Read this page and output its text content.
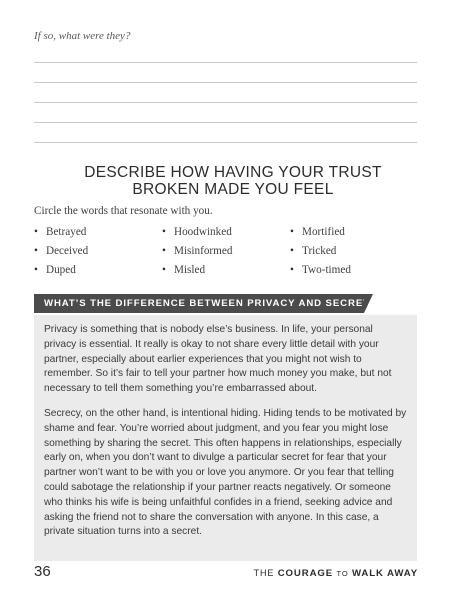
If so, what were they?
DESCRIBE HOW HAVING YOUR TRUST
BROKEN MADE YOU FEEL
Circle the words that resonate with you.
• Betrayed	• Hoodwinked	• Mortified
• Deceived	• Misinformed	• Tricked
• Duped	• Misled	• Two-timed
WHAT’S THE DIFFERENCE BETWEEN PRIVACY AND SECRETS?

Privacy is something that is nobody else’s business. In life, your personal privacy is essential. It really is okay to not share every little detail with your partner, especially about earlier experiences that you might not wish to remember. So it’s fair to tell your partner how much money you make, but not necessary to tell them something you’re embarrassed about.

Secrecy, on the other hand, is intentional hiding. Hiding tends to be motivated by shame and fear. You’re worried about judgment, and you fear you might lose something by sharing the secret. This often happens in relationships, especially early on, when you don’t want to divulge a particular secret for fear that your partner won’t want to be with you or love you anymore. Or you fear that telling could sabotage the relationship if your partner reacts negatively. Or someone who thinks his wife is being unfaithful confides in a friend, seeking advice and asking the friend not to share the conversation with anyone. In this case, a private situation turns into a secret.

36	THE COURAGE TO WALK AWAY
